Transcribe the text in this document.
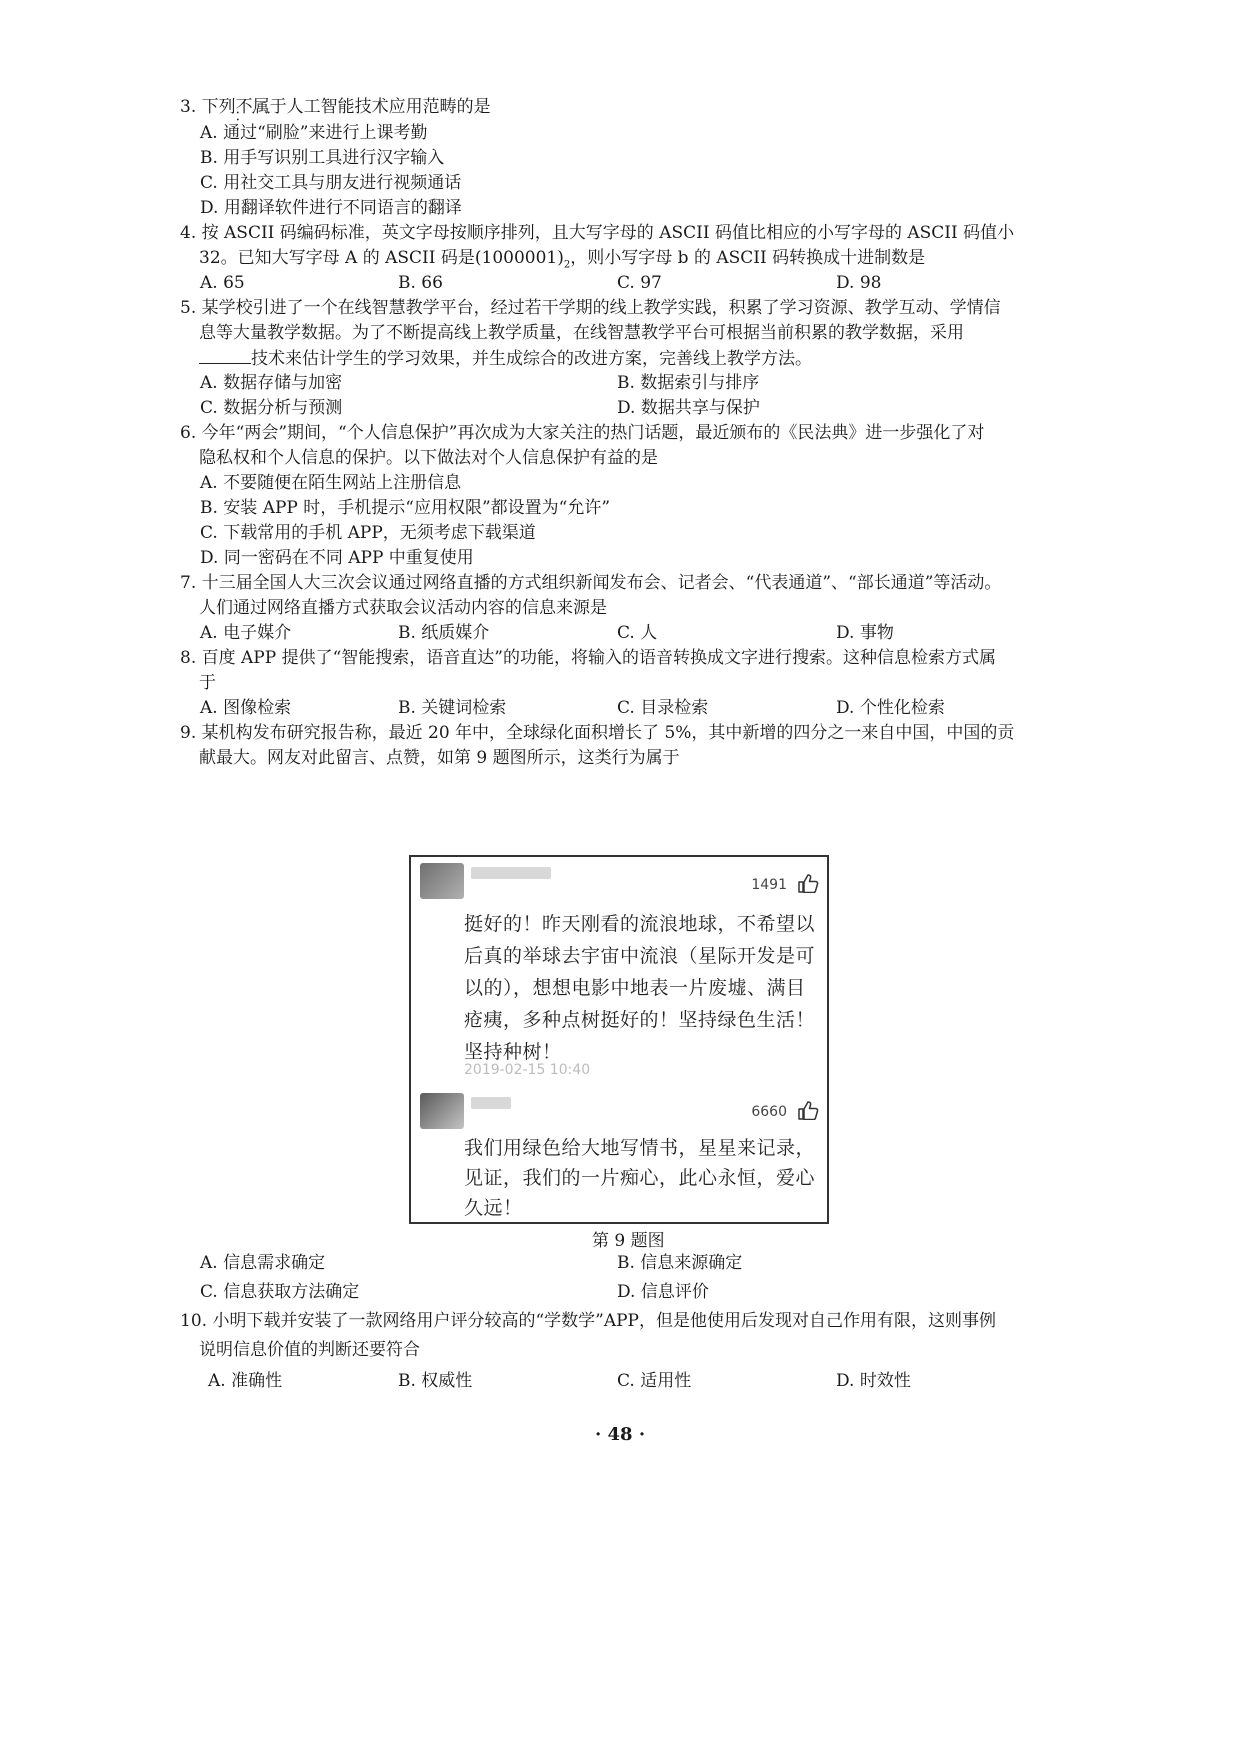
3. 下列不属于人工智能技术应用范畴的是
• • • •
A. 通过“刷脸”来进行上课考勤
B. 用手写识别工具进行汉字输入
C. 用社交工具与朋友进行视频通话
D. 用翻译软件进行不同语言的翻译
4. 按 ASCII 码编码标准，英文字母按顺序排列，且大写字母的 ASCII 码值比相应的小写字母的 ASCII 码值小
32。已知大写字母 A 的 ASCII 码是$(1000001)_2$，则小写字母 b 的 ASCII 码转换成十进制数是
A. 65	B. 66	C. 97	D. 98
5. 某学校引进了一个在线智慧教学平台，经过若干学期的线上教学实践，积累了学习资源、教学互动、学情信
息等大量教学数据。为了不断提高线上教学质量，在线智慧教学平台可根据当前积累的教学数据，采用
技术来估计学生的学习效果，并生成综合的改进方案，完善线上教学方法。
A. 数据存储与加密	B. 数据索引与排序
C. 数据分析与预测	D. 数据共享与保护
6. 今年“两会”期间，“个人信息保护”再次成为大家关注的热门话题，最近颁布的《民法典》进一步强化了对
隐私权和个人信息的保护。以下做法对个人信息保护有益的是
A. 不要随便在陌生网站上注册信息
B. 安装 APP 时，手机提示“应用权限”都设置为“允许”
C. 下载常用的手机 APP，无须考虑下载渠道
D. 同一密码在不同 APP 中重复使用
7. 十三届全国人大三次会议通过网络直播的方式组织新闻发布会、记者会、“代表通道”、“部长通道”等活动。
人们通过网络直播方式获取会议活动内容的信息来源是
A. 电子媒介	B. 纸质媒介	C. 人	D. 事物
8. 百度 APP 提供了“智能搜索，语音直达”的功能，将输入的语音转换成文字进行搜索。这种信息检索方式属
于
A. 图像检索	B. 关键词检索	C. 目录检索	D. 个性化检索
9. 某机构发布研究报告称，最近 20 年中，全球绿化面积增长了 5%，其中新增的四分之一来自中国，中国的贡
献最大。网友对此留言、点赞，如第 9 题图所示，这类行为属于
1491
挺好的！昨天刚看的流浪地球，不希望以
后真的举球去宇宙中流浪（星际开发是可
以的），想想电影中地表一片废墟、满目
疮痍，多种点树挺好的！坚持绿色生活！
坚持种树！
2019-02-15 10:40
6660
我们用绿色给大地写情书，星星来记录，
见证，我们的一片痴心，此心永恒，爱心
久远！
第 9 题图
A. 信息需求确定	B. 信息来源确定
C. 信息获取方法确定	D. 信息评价
10. 小明下载并安装了一款网络用户评分较高的“学数学”APP，但是他使用后发现对自己作用有限，这则事例
说明信息价值的判断还要符合
A. 准确性	B. 权威性	C. 适用性	D. 时效性
· 48 ·
